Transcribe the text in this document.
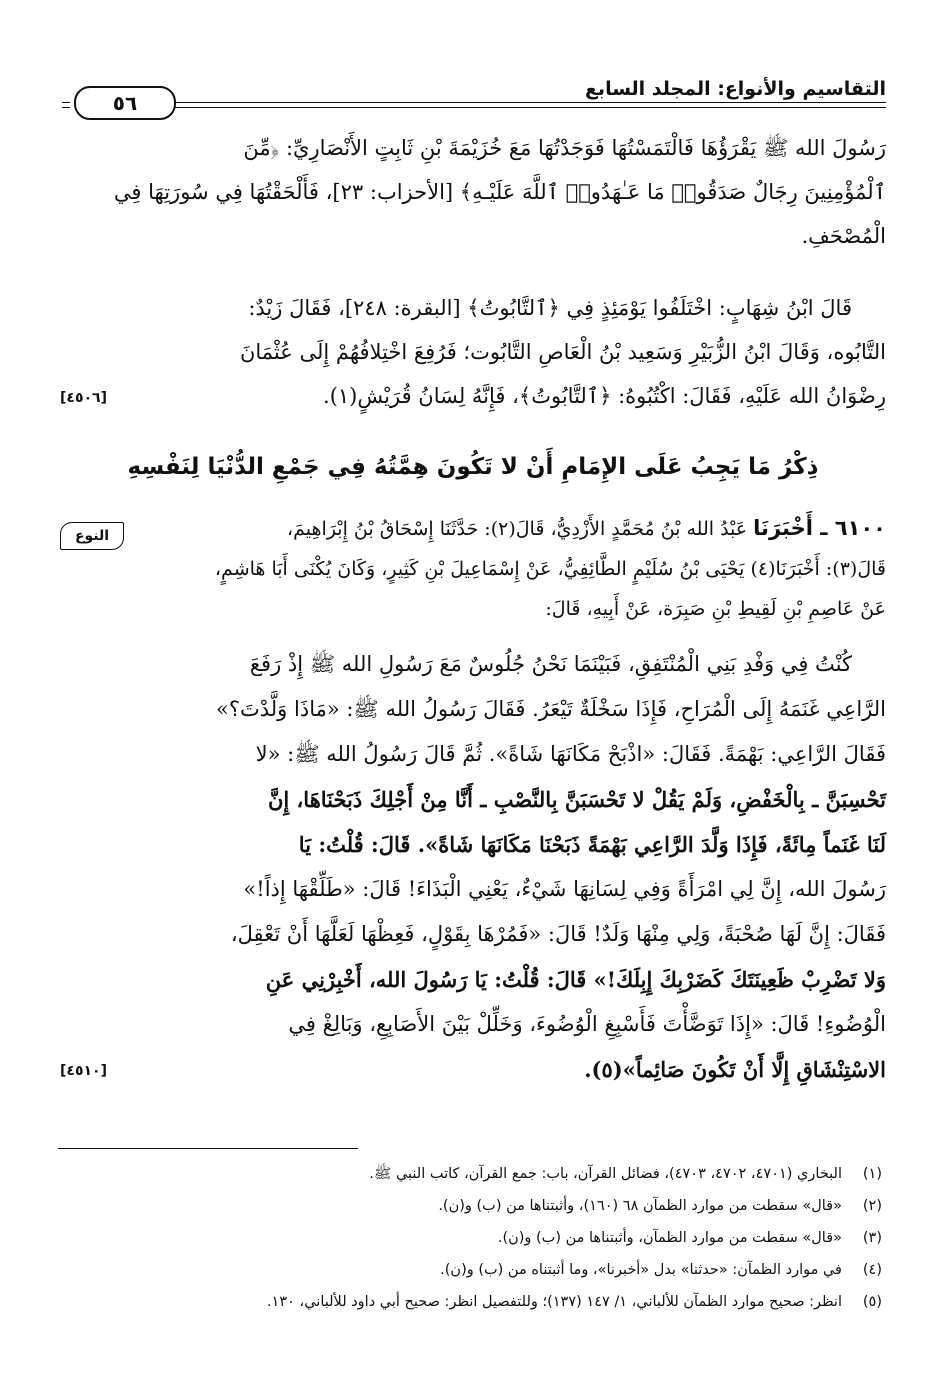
التقاسيم والأنواع: المجلد السابع
٥٦
رَسُولَ الله ﷺ يَقْرَؤُهَا فَالْتَمَسْتُهَا فَوَجَدْتُهَا مَعَ خُزَيْمَةَ بْنِ ثَابِتٍ الأَنْصَارِيِّ: ﴿مِّنَ
ٱلْمُؤْمِنِينَ رِجَالٌ صَدَقُوا۟ مَا عَـٰهَدُوا۟ ٱللَّهَ عَلَيْـهِ﴾ [الأحزاب: ٢٣]، فَأَلْحَقْتُهَا فِي سُورَتِهَا فِي
الْمُصْحَفِ.
قَالَ ابْنُ شِهَابٍ: اخْتَلَفُوا يَوْمَئِذٍ فِي ﴿ٱلتَّابُوتُ﴾ [البقرة: ٢٤٨]، فَقَالَ زَيْدٌ:
التَّابُوه، وَقَالَ ابْنُ الزُّبَيْرِ وَسَعِيد بْنُ الْعَاصِ التَّابُوت؛ فَرُفِعَ اخْتِلافُهُمْ إِلَى عُثْمَانَ
[٤٥٠٦]	رِضْوَانُ الله عَلَيْهِ، فَقَالَ: اكْتُبُوهُ: ﴿ٱلتَّابُوتُ﴾، فَإِنَّهُ لِسَانُ قُرَيْشٍ(١).
ذِكْرُ مَا يَجِبُ عَلَى الإِمَامِ أَنْ لا تَكُونَ هِمَّتُهُ فِي جَمْعِ الدُّنْيَا لِنَفْسِهِ
النوع	٦١٠٠ ـ أَخْبَرَنَا عَبْدُ الله بْنُ مُحَمَّدٍ الأَزْدِيُّ، قَالَ(٢): حَدَّثَنَا إِسْحَاقُ بْنُ إِبْرَاهِيمَ،
قَالَ(٣): أَخْبَرَنَا(٤) يَحْيَى بْنُ سُلَيْمٍ الطَّائِفِيُّ، عَنْ إِسْمَاعِيلَ بْنِ كَثِيرٍ، وَكَانَ يُكْنَى أَبَا هَاشِمٍ،
عَنْ عَاصِمِ بْنِ لَقِيطِ بْنِ صَبِرَة، عَنْ أَبِيهِ، قَالَ:
كُنْتُ فِي وَفْدِ بَنِي الْمُنْتَفِقِ، فَبَيْنَمَا نَحْنُ جُلُوسٌ مَعَ رَسُولِ الله ﷺ إِذْ رَفَعَ
الرَّاعِي غَنَمَهُ إِلَى الْمُرَاحِ، فَإِذَا سَخْلَةٌ تَيْعَرُ. فَقَالَ رَسُولُ الله ﷺ: «مَاذَا وَلَّدْتَ؟»
فَقَالَ الرَّاعِي: بَهْمَةً. فَقَالَ: «اذْبَحْ مَكَانَهَا شَاةً». ثُمَّ قَالَ رَسُولُ الله ﷺ: «لا
تَحْسِبَنَّ ـ بِالْخَفْضِ، وَلَمْ يَقُلْ لا تَحْسَبَنَّ بِالنَّصْبِ ـ أَنَّا مِنْ أَجْلِكَ ذَبَحْنَاهَا، إِنَّ
لَنَا غَنَماً مِائَةً، فَإِذَا وَلَّدَ الرَّاعِي بَهْمَةً ذَبَحْنَا مَكَانَهَا شَاةً». قَالَ: قُلْتُ: يَا
رَسُولَ الله، إِنَّ لِي امْرَأَةً وَفِي لِسَانِهَا شَيْءٌ، يَعْنِي الْبَذَاءَ! قَالَ: «طَلِّقْهَا إِذاً!»
فَقَالَ: إِنَّ لَهَا صُحْبَةً، وَلِي مِنْهَا وَلَدٌ! قَالَ: «فَمُرْهَا بِقَوْلٍ، فَعِظْهَا لَعَلَّهَا أَنْ تَعْقِلَ،
وَلا تَضْرِبْ ظَعِينَتَكَ كَضَرْبِكَ إِبِلَكَ!» قَالَ: قُلْتُ: يَا رَسُولَ الله، أَخْبِرْنِي عَنِ
الْوُضُوءِ! قَالَ: «إِذَا تَوَضَّأْتَ فَأَسْبِغِ الْوُضُوءَ، وَخَلِّلْ بَيْنَ الأَصَابِعِ، وَبَالِغْ فِي
[٤٥١٠]	الاسْتِنْشَاقِ إِلَّا أَنْ تَكُونَ صَائِماً»(٥).
(١)البخاري (٤٧٠١، ٤٧٠٢، ٤٧٠٣)، فضائل القرآن، باب: جمع القرآن، كاتب النبي ﷺ.
(٢)«قال» سقطت من موارد الظمآن ٦٨ (١٦٠)، وأثبتناها من (ب) و(ن).
(٣)«قال» سقطت من موارد الظمآن، وأثبتناها من (ب) و(ن).
(٤)في موارد الظمآن: «حدثنا» بدل «أخبرنا»، وما أثبتناه من (ب) و(ن).
(٥)انظر: صحيح موارد الظمآن للألباني، ١/ ١٤٧ (١٣٧)؛ وللتفصيل انظر: صحيح أبي داود للألباني، ١٣٠.
